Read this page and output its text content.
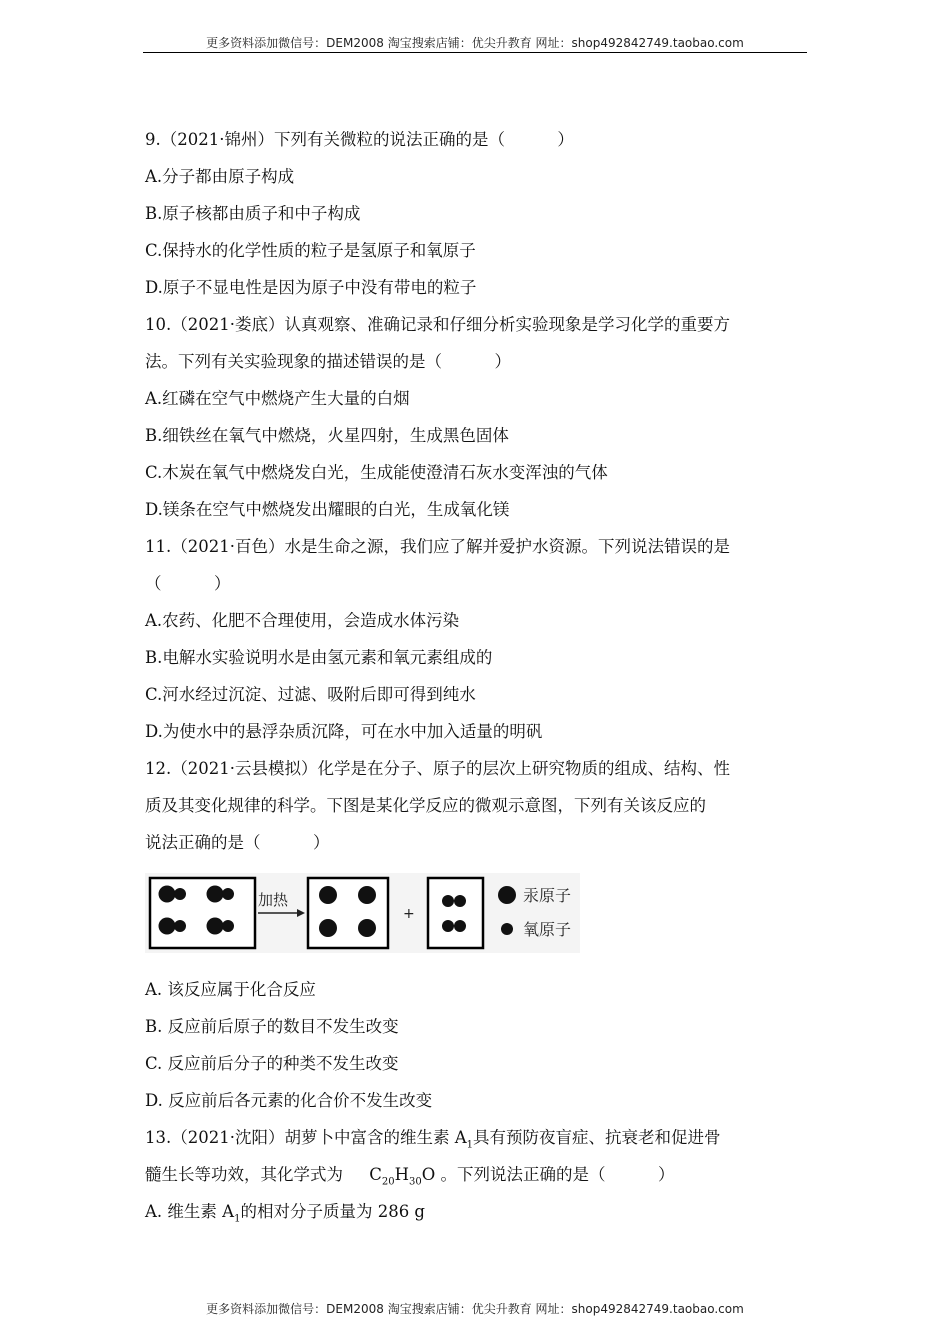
更多资料添加微信号：DEM2008 淘宝搜索店铺：优尖升教育 网址：shop492842749.taobao.com
9.（2021·锦州）下列有关微粒的说法正确的是（          ）
A.分子都由原子构成
B.原子核都由质子和中子构成
C.保持水的化学性质的粒子是氢原子和氧原子
D.原子不显电性是因为原子中没有带电的粒子
10.（2021·娄底）认真观察、准确记录和仔细分析实验现象是学习化学的重要方
法。下列有关实验现象的描述错误的是（          ）
A.红磷在空气中燃烧产生大量的白烟
B.细铁丝在氧气中燃烧，火星四射，生成黑色固体
C.木炭在氧气中燃烧发白光，生成能使澄清石灰水变浑浊的气体
D.镁条在空气中燃烧发出耀眼的白光，生成氧化镁
11.（2021·百色）水是生命之源，我们应了解并爱护水资源。下列说法错误的是
（          ）
A.农药、化肥不合理使用，会造成水体污染
B.电解水实验说明水是由氢元素和氧元素组成的
C.河水经过沉淀、过滤、吸附后即可得到纯水
D.为使水中的悬浮杂质沉降，可在水中加入适量的明矾
12.（2021·云县模拟）化学是在分子、原子的层次上研究物质的组成、结构、性
质及其变化规律的科学。下图是某化学反应的微观示意图，下列有关该反应的
说法正确的是（          ）
加热
+
汞原子
氧原子
A. 该反应属于化合反应
B. 反应前后原子的数目不发生改变
C. 反应前后分子的种类不发生改变
D. 反应前后各元素的化合价不发生改变
13.（2021·沈阳）胡萝卜中富含的维生素 $A_1$具有预防夜盲症、抗衰老和促进骨
髓生长等功效，其化学式为     $C_{20}H_{30}O$ 。下列说法正确的是（          ）
A. 维生素 $A_1$的相对分子质量为 286 g
更多资料添加微信号：DEM2008 淘宝搜索店铺：优尖升教育 网址：shop492842749.taobao.com
